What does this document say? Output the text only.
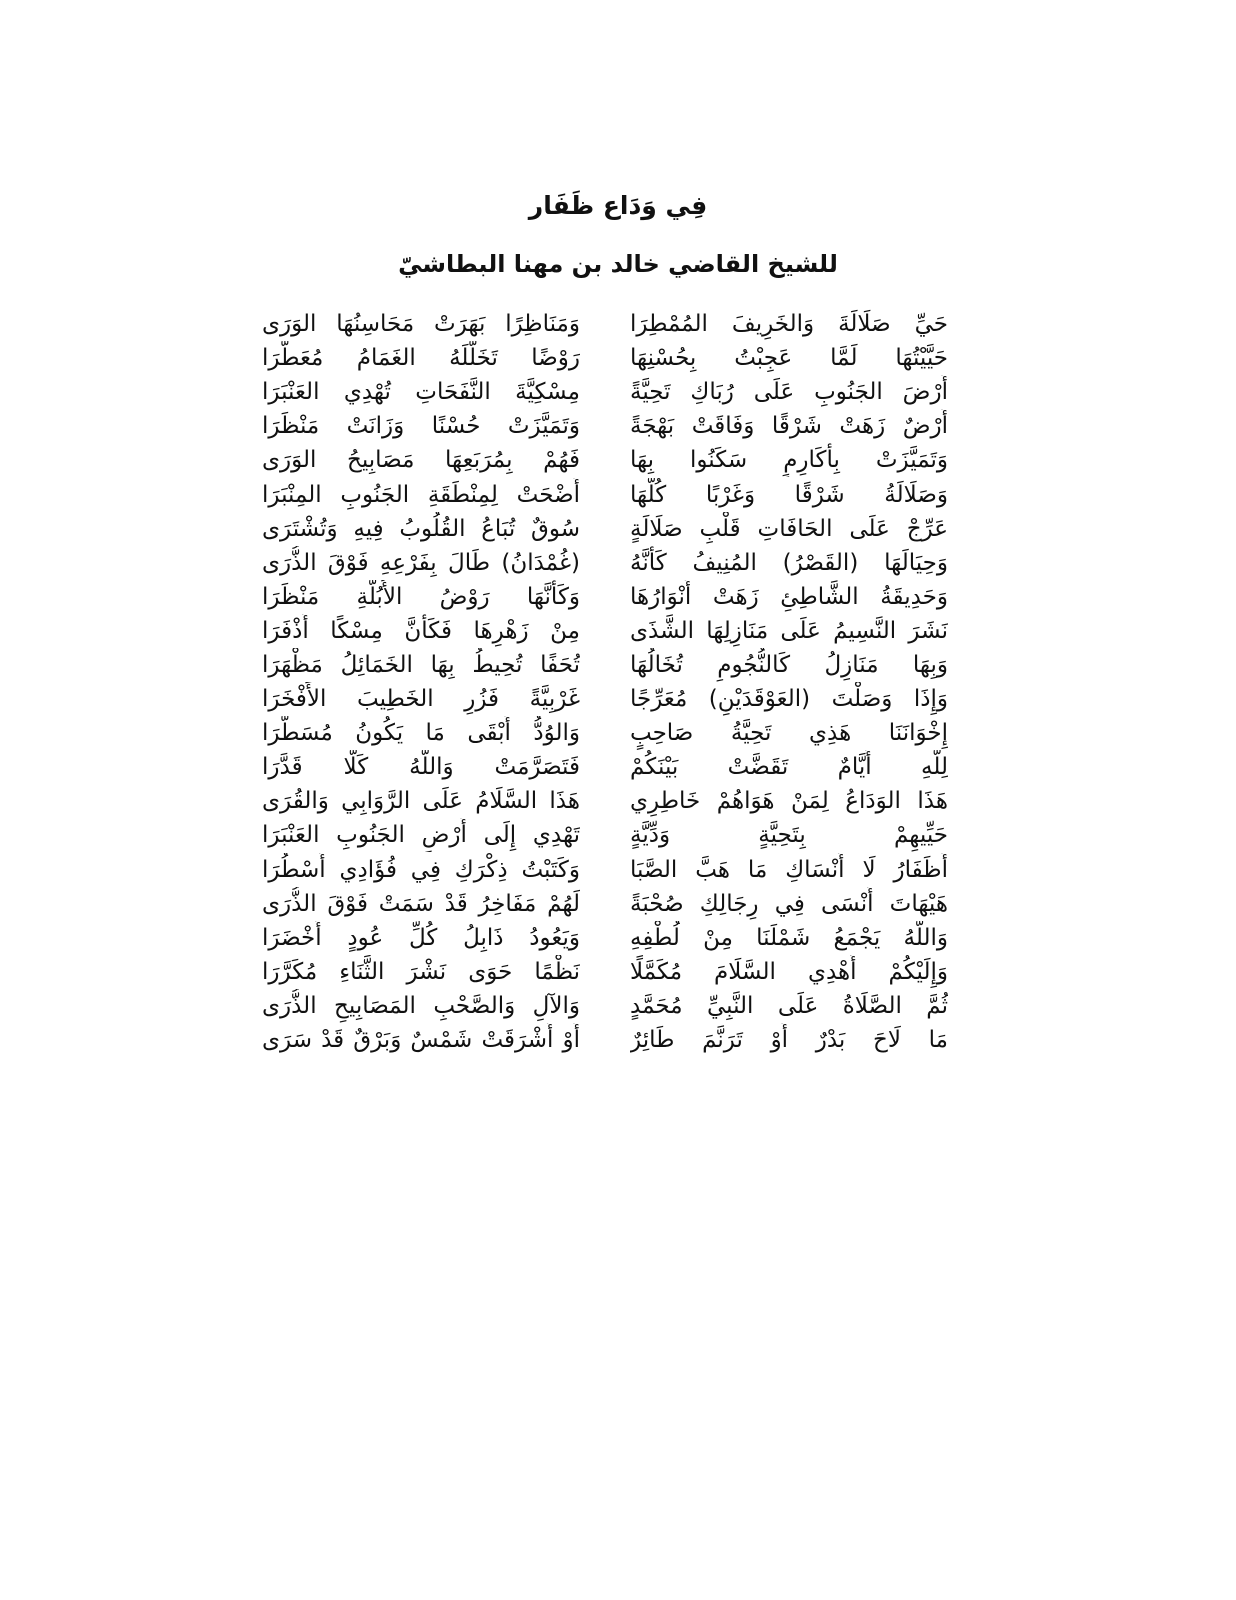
فِي وَدَاع ظَفَار
للشيخ القاضي خالد بن مهنا البطاشيّ
حَيِّ صَلَالَةَ وَالخَرِيفَ المُمْطِرَا
وَمَنَاظِرًا بَهَرَتْ مَحَاسِنُهَا الوَرَى
حَيَّيْتُهَا لَمَّا عَجِبْتُ بِحُسْنِهَا
رَوْضًا تَخَلَّلَهُ الغَمَامُ مُعَطَّرَا
أَرْضَ الجَنُوبِ عَلَى رُبَاكِ تَحِيَّةً
مِسْكِيَّةَ النَّفَحَاتِ تُهْدِي العَنْبَرَا
أَرْضٌ زَهَتْ شَرْقًا وَفَاقَتْ بَهْجَةً
وَتَمَيَّزَتْ حُسْنًا وَزَانَتْ مَنْظَرَا
وَتَمَيَّزَتْ بِأَكَارِمٍ سَكَنُوا بِهَا
فَهُمْ بِمُرَبَعِهَا مَصَابِيحُ الوَرَى
وَصَلَالَةُ شَرْقًا وَغَرْبًا كُلُّهَا
أَضْحَتْ لِمِنْطَقَةِ الجَنُوبِ المِنْبَرَا
عَرِّجْ عَلَى الحَافَاتِ قَلْبِ صَلَالَةٍ
سُوقٌ تُبَاعُ القُلُوبُ فِيهِ وَتُشْتَرَى
وَحِيَالَهَا (القَصْرُ) المُنِيفُ كَأَنَّهُ
(غُمْدَانُ) طَالَ بِفَرْعِهِ فَوْقَ الذُّرَى
وَحَدِيقَةُ الشَّاطِئِ زَهَتْ أَنْوَارُهَا
وَكَأَنَّهَا رَوْضُ الأُبُلَّةِ مَنْظَرَا
نَشَرَ النَّسِيمُ عَلَى مَنَازِلِهَا الشَّذَى
مِنْ زَهْرِهَا فَكَأَنَّ مِسْكًا أَذْفَرَا
وَبِهَا مَنَازِلُ كَالنُّجُومِ تُخَالُهَا
تُحَفًا تُحِيطُ بِهَا الخَمَائِلُ مَظْهَرَا
وَإِذَا وَصَلْتَ (العَوْقَدَيْنِ) مُعَرِّجًا
غَرْبِيَّةً فَزُرِ الخَطِيبَ الأَفْخَرَا
إِخْوَانَنَا هَذِي تَحِيَّةُ صَاحِبٍ
وَالوُدُّ أَبْقَى مَا يَكُونُ مُسَطَّرَا
لِلَّهِ أَيَّامٌ تَقَضَّتْ بَيْنَكُمْ
فَتَصَرَّمَتْ وَاللَّهُ كَلَّا قَدَّرَا
هَذَا الوَدَاعُ لِمَنْ هَوَاهُمْ خَاطِرِي
هَذَا السَّلَامُ عَلَى الرَّوَابِي وَالقُرَى
حَيِّيهِمْ بِتَحِيَّةٍ وَدِّيَّةٍ
تَهْدِي إِلَى أَرْضِ الجَنُوبِ العَنْبَرَا
أَظَفَارُ لَا أَنْسَاكِ مَا هَبَّ الصَّبَا
وَكَتَبْتُ ذِكْرَكِ فِي فُؤَادِي أَسْطُرَا
هَيْهَاتَ أَنْسَى فِي رِجَالِكِ صُحْبَةً
لَهُمْ مَفَاخِرُ قَدْ سَمَتْ فَوْقَ الذُّرَى
وَاللَّهُ يَجْمَعُ شَمْلَنَا مِنْ لُطْفِهِ
وَيَعُودُ ذَابِلُ كُلِّ عُودٍ أَخْضَرَا
وَإِلَيْكُمْ أُهْدِي السَّلَامَ مُكَمَّلًا
نَظْمًا حَوَى نَشْرَ الثَّنَاءِ مُكَرَّرَا
ثُمَّ الصَّلَاةُ عَلَى النَّبِيِّ مُحَمَّدٍ
وَالآلِ وَالصَّحْبِ المَصَابِيحِ الذُّرَى
مَا لَاحَ بَدْرٌ أَوْ تَرَنَّمَ طَائِرٌ
أَوْ أَشْرَقَتْ شَمْسٌ وَبَرْقٌ قَدْ سَرَى
